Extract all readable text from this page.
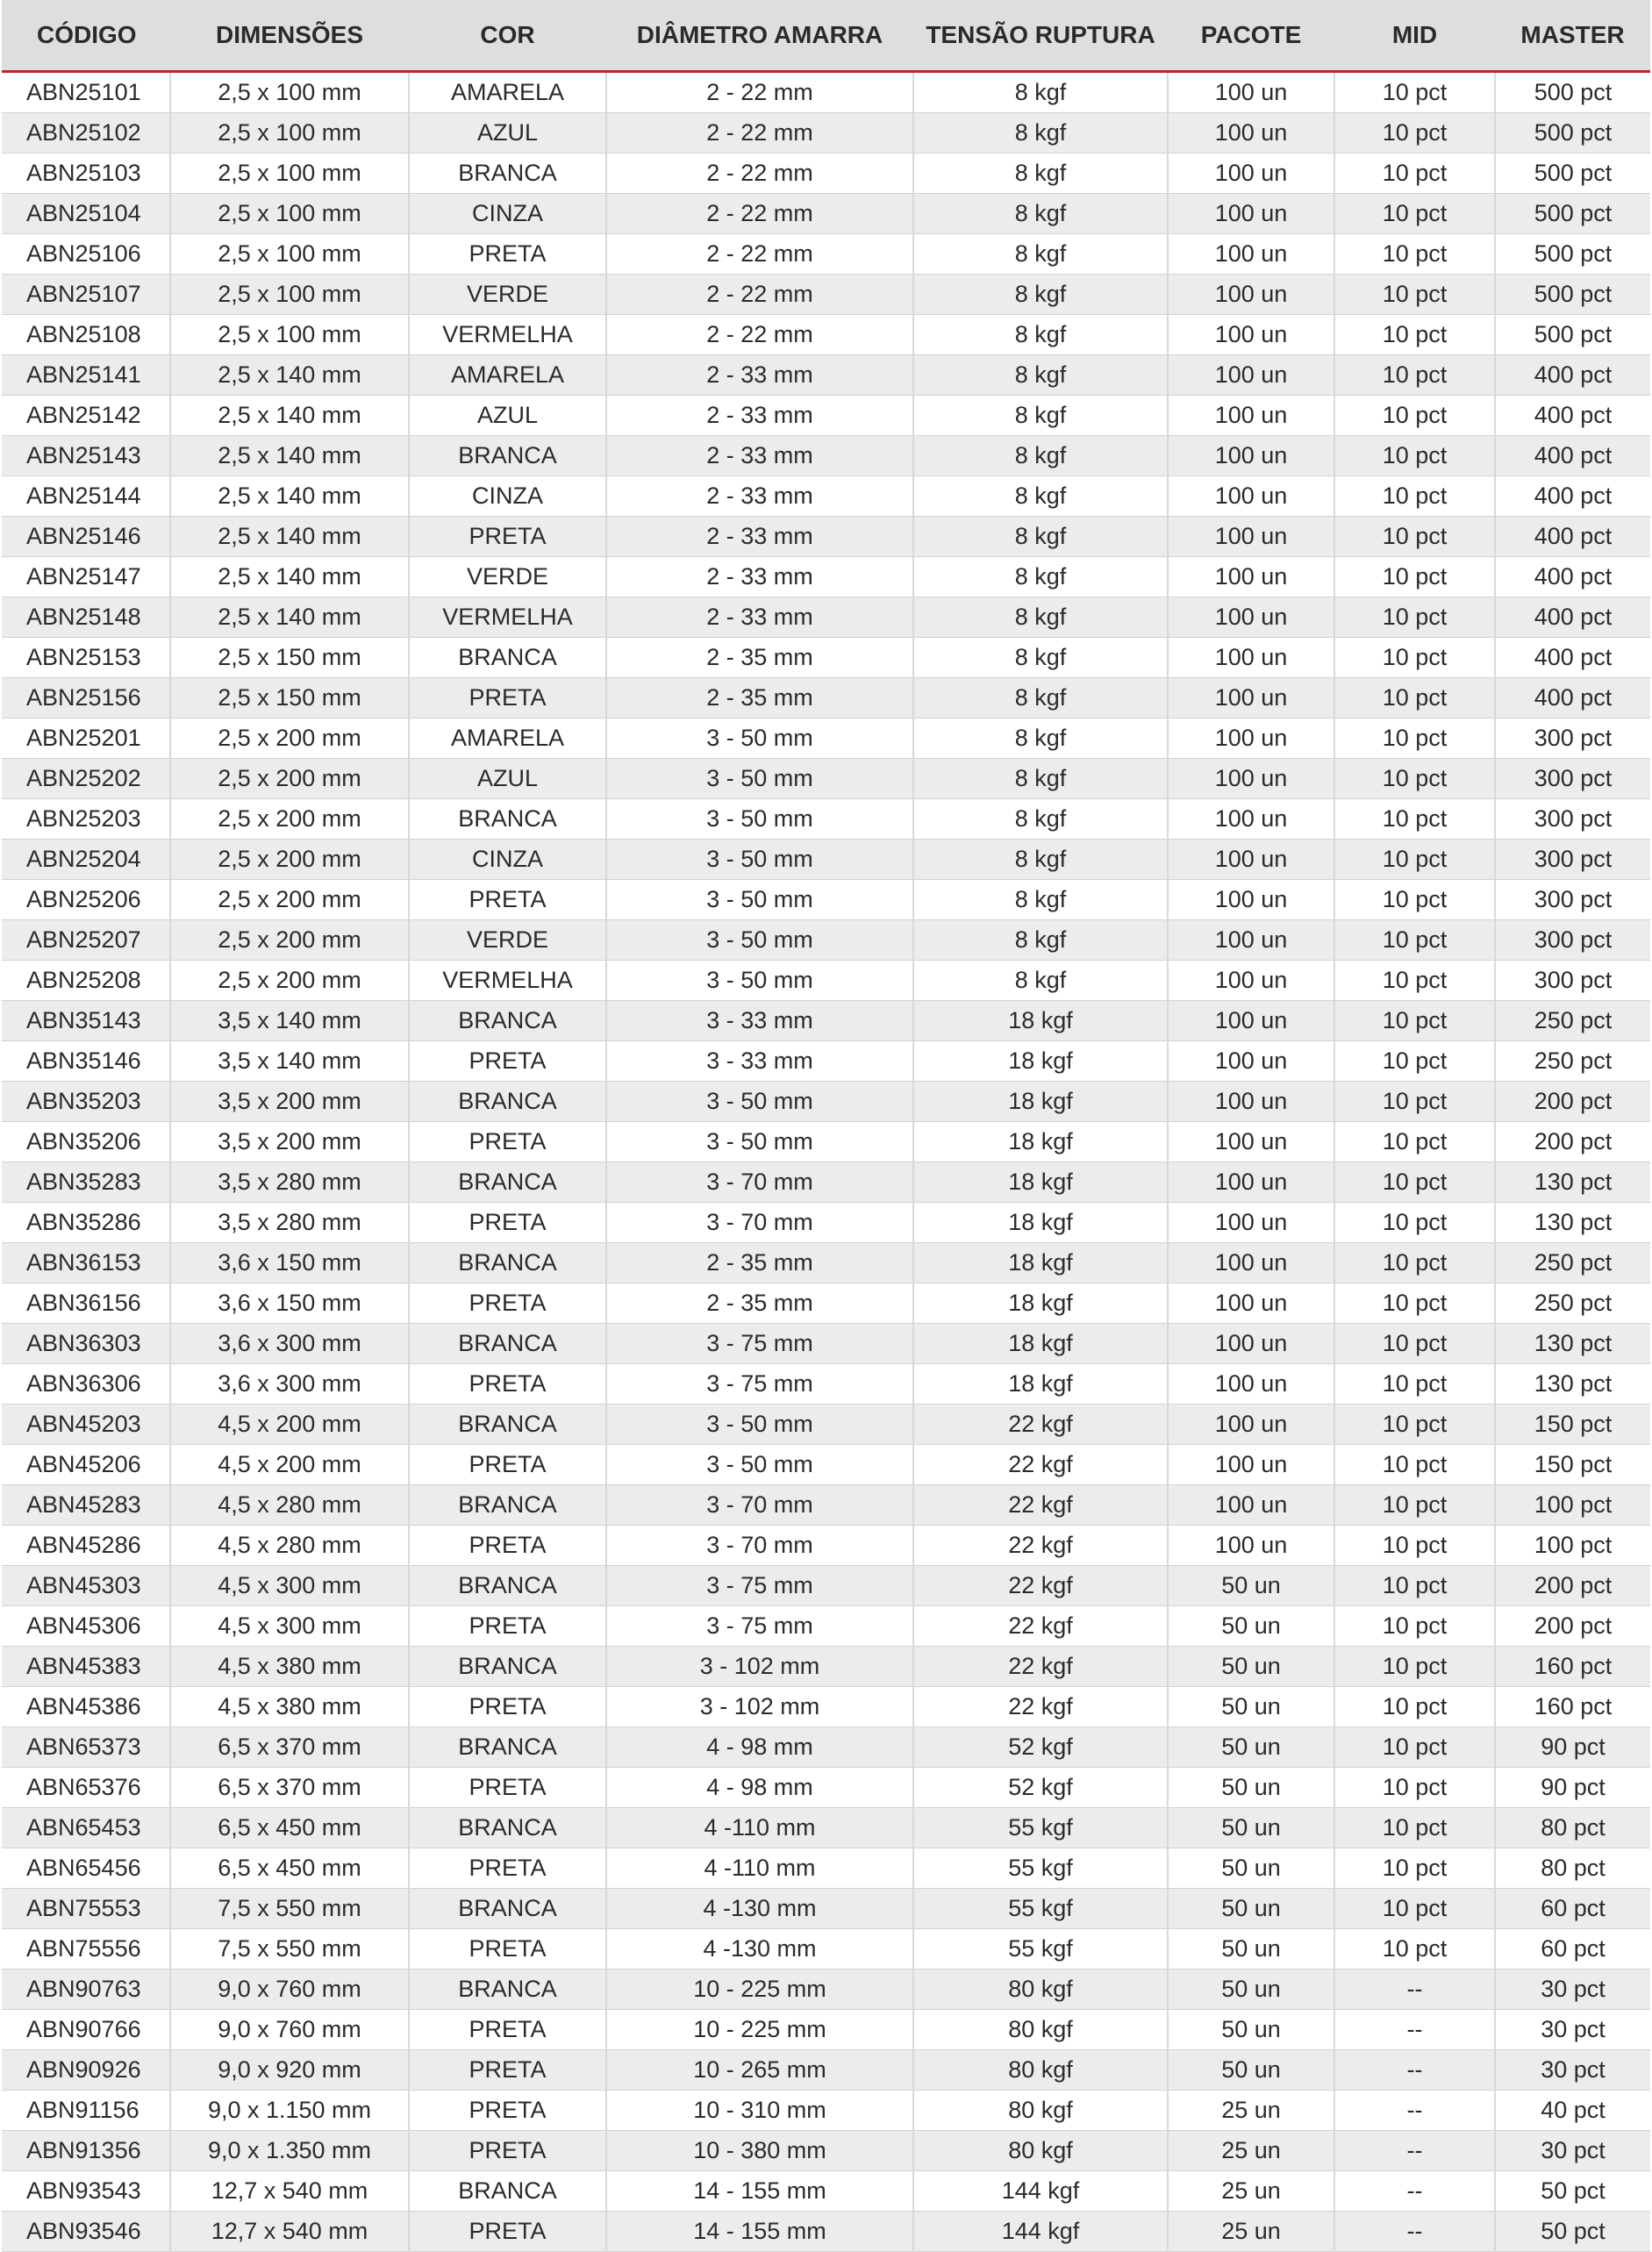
CÓDIGO	DIMENSÕES	COR	DIÂMETRO AMARRA	TENSÃO RUPTURA	PACOTE	MID	MASTER
ABN25101	2,5 x 100 mm	AMARELA	2 - 22 mm	8 kgf	100 un	10 pct	500 pct
ABN25102	2,5 x 100 mm	AZUL	2 - 22 mm	8 kgf	100 un	10 pct	500 pct
ABN25103	2,5 x 100 mm	BRANCA	2 - 22 mm	8 kgf	100 un	10 pct	500 pct
ABN25104	2,5 x 100 mm	CINZA	2 - 22 mm	8 kgf	100 un	10 pct	500 pct
ABN25106	2,5 x 100 mm	PRETA	2 - 22 mm	8 kgf	100 un	10 pct	500 pct
ABN25107	2,5 x 100 mm	VERDE	2 - 22 mm	8 kgf	100 un	10 pct	500 pct
ABN25108	2,5 x 100 mm	VERMELHA	2 - 22 mm	8 kgf	100 un	10 pct	500 pct
ABN25141	2,5 x 140 mm	AMARELA	2 - 33 mm	8 kgf	100 un	10 pct	400 pct
ABN25142	2,5 x 140 mm	AZUL	2 - 33 mm	8 kgf	100 un	10 pct	400 pct
ABN25143	2,5 x 140 mm	BRANCA	2 - 33 mm	8 kgf	100 un	10 pct	400 pct
ABN25144	2,5 x 140 mm	CINZA	2 - 33 mm	8 kgf	100 un	10 pct	400 pct
ABN25146	2,5 x 140 mm	PRETA	2 - 33 mm	8 kgf	100 un	10 pct	400 pct
ABN25147	2,5 x 140 mm	VERDE	2 - 33 mm	8 kgf	100 un	10 pct	400 pct
ABN25148	2,5 x 140 mm	VERMELHA	2 - 33 mm	8 kgf	100 un	10 pct	400 pct
ABN25153	2,5 x 150 mm	BRANCA	2 - 35 mm	8 kgf	100 un	10 pct	400 pct
ABN25156	2,5 x 150 mm	PRETA	2 - 35 mm	8 kgf	100 un	10 pct	400 pct
ABN25201	2,5 x 200 mm	AMARELA	3 - 50 mm	8 kgf	100 un	10 pct	300 pct
ABN25202	2,5 x 200 mm	AZUL	3 - 50 mm	8 kgf	100 un	10 pct	300 pct
ABN25203	2,5 x 200 mm	BRANCA	3 - 50 mm	8 kgf	100 un	10 pct	300 pct
ABN25204	2,5 x 200 mm	CINZA	3 - 50 mm	8 kgf	100 un	10 pct	300 pct
ABN25206	2,5 x 200 mm	PRETA	3 - 50 mm	8 kgf	100 un	10 pct	300 pct
ABN25207	2,5 x 200 mm	VERDE	3 - 50 mm	8 kgf	100 un	10 pct	300 pct
ABN25208	2,5 x 200 mm	VERMELHA	3 - 50 mm	8 kgf	100 un	10 pct	300 pct
ABN35143	3,5 x 140 mm	BRANCA	3 - 33 mm	18 kgf	100 un	10 pct	250 pct
ABN35146	3,5 x 140 mm	PRETA	3 - 33 mm	18 kgf	100 un	10 pct	250 pct
ABN35203	3,5 x 200 mm	BRANCA	3 - 50 mm	18 kgf	100 un	10 pct	200 pct
ABN35206	3,5 x 200 mm	PRETA	3 - 50 mm	18 kgf	100 un	10 pct	200 pct
ABN35283	3,5 x 280 mm	BRANCA	3 - 70 mm	18 kgf	100 un	10 pct	130 pct
ABN35286	3,5 x 280 mm	PRETA	3 - 70 mm	18 kgf	100 un	10 pct	130 pct
ABN36153	3,6 x 150 mm	BRANCA	2 - 35 mm	18 kgf	100 un	10 pct	250 pct
ABN36156	3,6 x 150 mm	PRETA	2 - 35 mm	18 kgf	100 un	10 pct	250 pct
ABN36303	3,6 x 300 mm	BRANCA	3 - 75 mm	18 kgf	100 un	10 pct	130 pct
ABN36306	3,6 x 300 mm	PRETA	3 - 75 mm	18 kgf	100 un	10 pct	130 pct
ABN45203	4,5 x 200 mm	BRANCA	3 - 50 mm	22 kgf	100 un	10 pct	150 pct
ABN45206	4,5 x 200 mm	PRETA	3 - 50 mm	22 kgf	100 un	10 pct	150 pct
ABN45283	4,5 x 280 mm	BRANCA	3 - 70 mm	22 kgf	100 un	10 pct	100 pct
ABN45286	4,5 x 280 mm	PRETA	3 - 70 mm	22 kgf	100 un	10 pct	100 pct
ABN45303	4,5 x 300 mm	BRANCA	3 - 75 mm	22 kgf	50 un	10 pct	200 pct
ABN45306	4,5 x 300 mm	PRETA	3 - 75 mm	22 kgf	50 un	10 pct	200 pct
ABN45383	4,5 x 380 mm	BRANCA	3 - 102 mm	22 kgf	50 un	10 pct	160 pct
ABN45386	4,5 x 380 mm	PRETA	3 - 102 mm	22 kgf	50 un	10 pct	160 pct
ABN65373	6,5 x 370 mm	BRANCA	4 - 98 mm	52 kgf	50 un	10 pct	90 pct
ABN65376	6,5 x 370 mm	PRETA	4 - 98 mm	52 kgf	50 un	10 pct	90 pct
ABN65453	6,5 x 450 mm	BRANCA	4 -110 mm	55 kgf	50 un	10 pct	80 pct
ABN65456	6,5 x 450 mm	PRETA	4 -110 mm	55 kgf	50 un	10 pct	80 pct
ABN75553	7,5 x 550 mm	BRANCA	4 -130 mm	55 kgf	50 un	10 pct	60 pct
ABN75556	7,5 x 550 mm	PRETA	4 -130 mm	55 kgf	50 un	10 pct	60 pct
ABN90763	9,0 x 760 mm	BRANCA	10 - 225 mm	80 kgf	50 un	--	30 pct
ABN90766	9,0 x 760 mm	PRETA	10 - 225 mm	80 kgf	50 un	--	30 pct
ABN90926	9,0 x 920 mm	PRETA	10 - 265 mm	80 kgf	50 un	--	30 pct
ABN91156	9,0 x 1.150 mm	PRETA	10 - 310 mm	80 kgf	25 un	--	40 pct
ABN91356	9,0 x 1.350 mm	PRETA	10 - 380 mm	80 kgf	25 un	--	30 pct
ABN93543	12,7 x 540 mm	BRANCA	14 - 155 mm	144 kgf	25 un	--	50 pct
ABN93546	12,7 x 540 mm	PRETA	14 - 155 mm	144 kgf	25 un	--	50 pct
